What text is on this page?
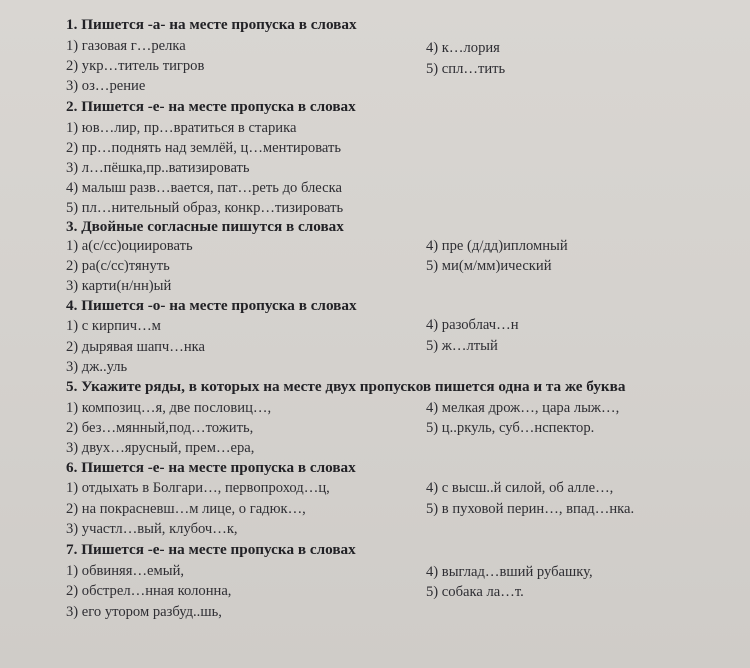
1. Пишется -а- на месте пропуска в словах
1) газовая г…релка	4) к…лория
2) укр…титель тигров	5) спл…тить
3) оз…рение
2. Пишется -е- на месте пропуска в словах
1) юв…лир, пр…вратиться в старика
2) пр…поднять над землёй, ц…ментировать
3) л…пёшка,пр..ватизировать
4) малыш разв…вается, пат…реть до блеска
5) пл…нительный образ, конкр…тизировать
3. Двойные согласные пишутся в словах
1) а(с/сс)оциировать	4) пре (д/дд)ипломный
2) ра(с/сс)тянуть	5) ми(м/мм)ический
3) карти(н/нн)ый
4. Пишется -о- на месте пропуска в словах
1) с кирпич…м	4) разоблач…н
2) дырявая шапч…нка	5) ж…лтый
3) дж..уль
5. Укажите ряды, в которых на месте двух пропусков пишется одна и та же буква
1) композиц…я, две пословиц…,	4) мелкая дрож…, цара лыж…,
2) без…мянный,под…тожить,	5) ц..ркуль, суб…нспектор.
3) двух…ярусный, прем…ера,
6. Пишется -е- на месте пропуска в словах
1) отдыхать в Болгари…, первопроход…ц,	4) с высш..й силой, об алле…,
2) на покрасневш…м лице, о гадюк…,	5) в пуховой перин…, впад…нка.
3) участл…вый, клубоч…к,
7. Пишется -е- на месте пропуска в словах
1) обвиняя…емый,	4) выглад…вший рубашку,
2) обстрел…нная колонна,	5) собака ла…т.
3) его утором разбуд..шь,
